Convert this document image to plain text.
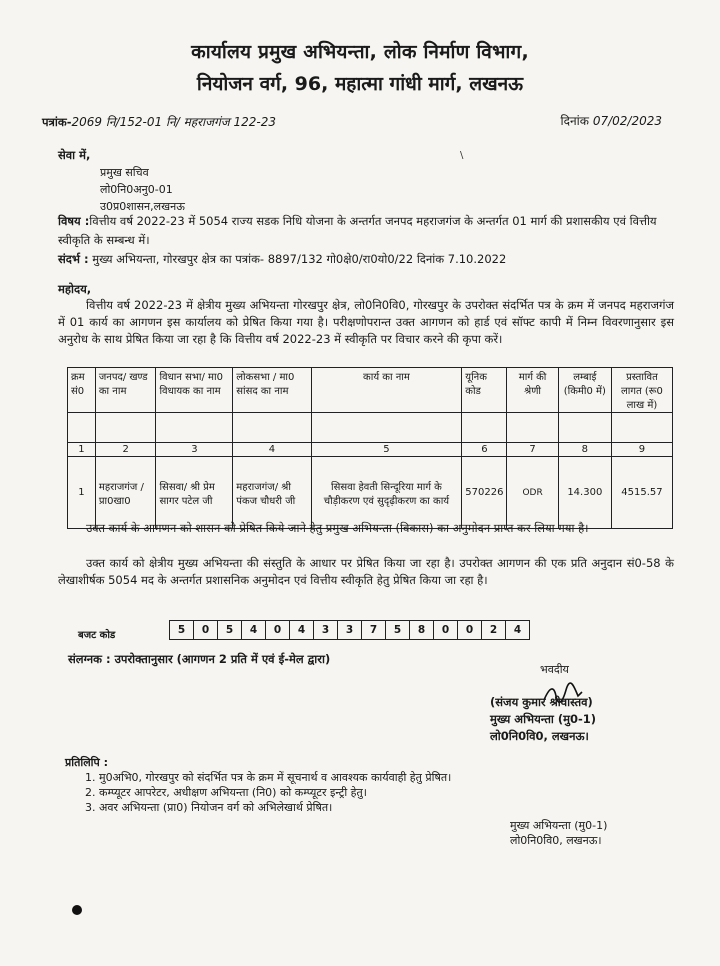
कार्यालय प्रमुख अभियन्ता, लोक निर्माण विभाग,
नियोजन वर्ग, 96, महात्मा गांधी मार्ग, लखनऊ
पत्रांक-2069 नि/152-01 नि/ महराजगंज 122-23	दिनांक 07/02/2023
सेवा में,
प्रमुख सचिव
लो0नि0अनु0-01
उ0प्र0शासन,लखनऊ
विषय :वित्तीय वर्ष 2022-23 में 5054 राज्य सडक निधि योजना के अन्तर्गत जनपद महराजगंज के अन्तर्गत 01 मार्ग की प्रशासकीय एवं वित्तीय स्वीकृति के सम्बन्ध में।
संदर्भ : मुख्य अभियन्ता, गोरखपुर क्षेत्र का पत्रांक- 8897/132 गो0क्षे0/रा0यो0/22 दिनांक 7.10.2022
महोदय,
वित्तीय वर्ष 2022-23 में क्षेत्रीय मुख्य अभियन्ता गोरखपुर क्षेत्र, लो0नि0वि0, गोरखपुर के उपरोक्त संदर्भित पत्र के क्रम में जनपद महराजगंज में 01 कार्य का आगणन इस कार्यालय को प्रेषित किया गया है। परीक्षणोपरान्त उक्त आगणन को हार्ड एवं सॉफ्ट कापी में निम्न विवरणानुसार इस अनुरोध के साथ प्रेषित किया जा रहा है कि वित्तीय वर्ष 2022-23 में स्वीकृति पर विचार करने की कृपा करें।
क्रम सं0	जनपद/ खण्ड का नाम	विधान सभा/ मा0 विधायक का नाम	लोकसभा / मा0 सांसद का नाम	कार्य का नाम	यूनिक कोड	मार्ग की श्रेणी	लम्बाई (किमी0 में)	प्रस्तावित लागत (रू0 लाख में)

1	2	3	4	5	6	7	8	9
1	महराजगंज / प्रा0खा0	सिसवा/ श्री प्रेम सागर पटेल जी	महराजगंज/ श्री पंकज चौधरी जी	सिसवा हेवती सिन्दूरिया मार्ग के चौड़ीकरण एवं सुदृढ़ीकरण का कार्य	570226	ODR	14.300	4515.57
उक्त कार्य के आगणन को शासन को प्रेषित किये जाने हेतु प्रमुख अभियन्ता (विकास) का अनुमोदन प्राप्त कर लिया गया है।
उक्त कार्य को क्षेत्रीय मुख्य अभियन्ता की संस्तुति के आधार पर प्रेषित किया जा रहा है। उपरोक्त आगणन की एक प्रति अनुदान सं0-58 के लेखाशीर्षक 5054 मद के अन्तर्गत प्रशासनिक अनुमोदन एवं वित्तीय स्वीकृति हेतु प्रेषित किया जा रहा है।
बजट कोड	5	0	5	4	0	4	3	3	7	5	8	0	0	2	4
संलग्नक : उपरोक्तानुसार (आगणन 2 प्रति में एवं ई-मेल द्वारा)
भवदीय
(संजय कुमार श्रीवास्तव)
मुख्य अभियन्ता (मु0-1)
लो0नि0वि0, लखनऊ।
प्रतिलिपि :
1. मु0अभि0, गोरखपुर को संदर्भित पत्र के क्रम में सूचनार्थ व आवश्यक कार्यवाही हेतु प्रेषित।
2. कम्प्यूटर आपरेटर, अधीक्षण अभियन्ता (नि0) को कम्प्यूटर इन्ट्री हेतु।
3. अवर अभियन्ता (प्रा0) नियोजन वर्ग को अभिलेखार्थ प्रेषित।
मुख्य अभियन्ता (मु0-1)
लो0नि0वि0, लखनऊ।
\
